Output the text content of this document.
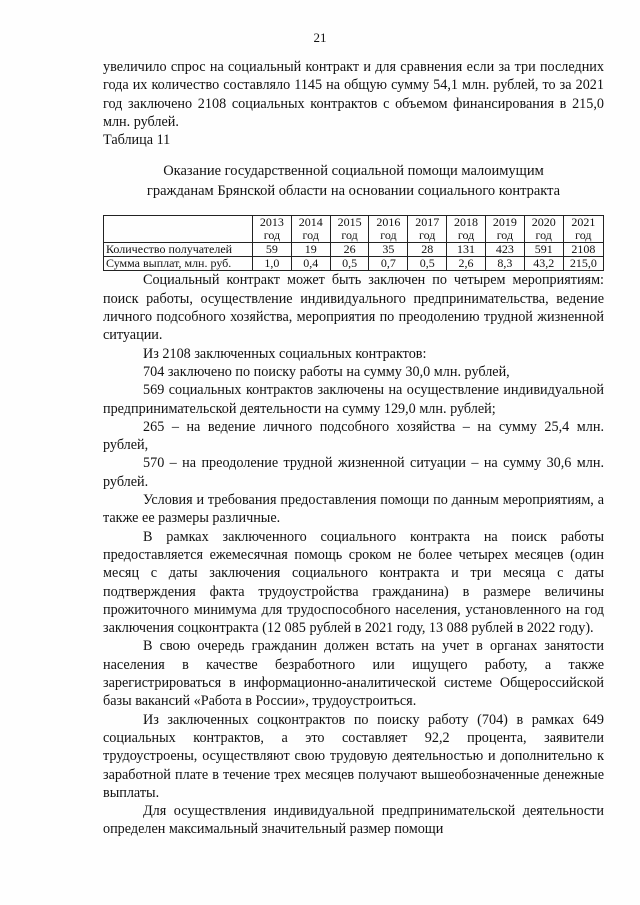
21

увеличило спрос на социальный контракт и для сравнения если за три последних года их количество составляло 1145 на общую сумму 54,1 млн. рублей, то за 2021 год заключено 2108 социальных контрактов с объемом финансирования в 215,0 млн. рублей.

Таблица 11

Оказание государственной социальной помощи малоимущим
гражданам Брянской области на основании социального контракта
	2013 год	2014 год	2015 год	2016 год	2017 год	2018 год	2019 год	2020 год	2021 год
Количество получателей	59	19	26	35	28	131	423	591	2108
Сумма выплат, млн. руб.	1,0	0,4	0,5	0,7	0,5	2,6	8,3	43,2	215,0

Социальный контракт может быть заключен по четырем мероприятиям: поиск работы, осуществление индивидуального предпринимательства, ведение личного подсобного хозяйства, мероприятия по преодолению трудной жизненной ситуации.

Из 2108 заключенных социальных контрактов:

704 заключено по поиску работы на сумму 30,0 млн. рублей,

569 социальных контрактов заключены на осуществление индивидуальной предпринимательской деятельности на сумму 129,0 млн. рублей;

265 – на ведение личного подсобного хозяйства – на сумму 25,4 млн. рублей,

570 – на преодоление трудной жизненной ситуации – на сумму 30,6 млн. рублей.

Условия и требования предоставления помощи по данным мероприятиям, а также ее размеры различные.

В рамках заключенного социального контракта на поиск работы предоставляется ежемесячная помощь сроком не более четырех месяцев (один месяц с даты заключения социального контракта и три месяца с даты подтверждения факта трудоустройства гражданина) в размере величины прожиточного минимума для трудоспособного населения, установленного на год заключения соцконтракта (12 085 рублей в 2021 году, 13 088 рублей в 2022 году).

В свою очередь гражданин должен встать на учет в органах занятости населения в качестве безработного или ищущего работу, а также зарегистрироваться в информационно-аналитической системе Общероссийской базы вакансий «Работа в России», трудоустроиться.

Из заключенных соцконтрактов по поиску работу (704) в рамках 649 социальных контрактов, а это составляет 92,2 процента, заявители трудоустроены, осуществляют свою трудовую деятельностью и дополнительно к заработной плате в течение трех месяцев получают вышеобозначенные денежные выплаты.

Для осуществления индивидуальной предпринимательской деятельности определен максимальный значительный размер помощи
